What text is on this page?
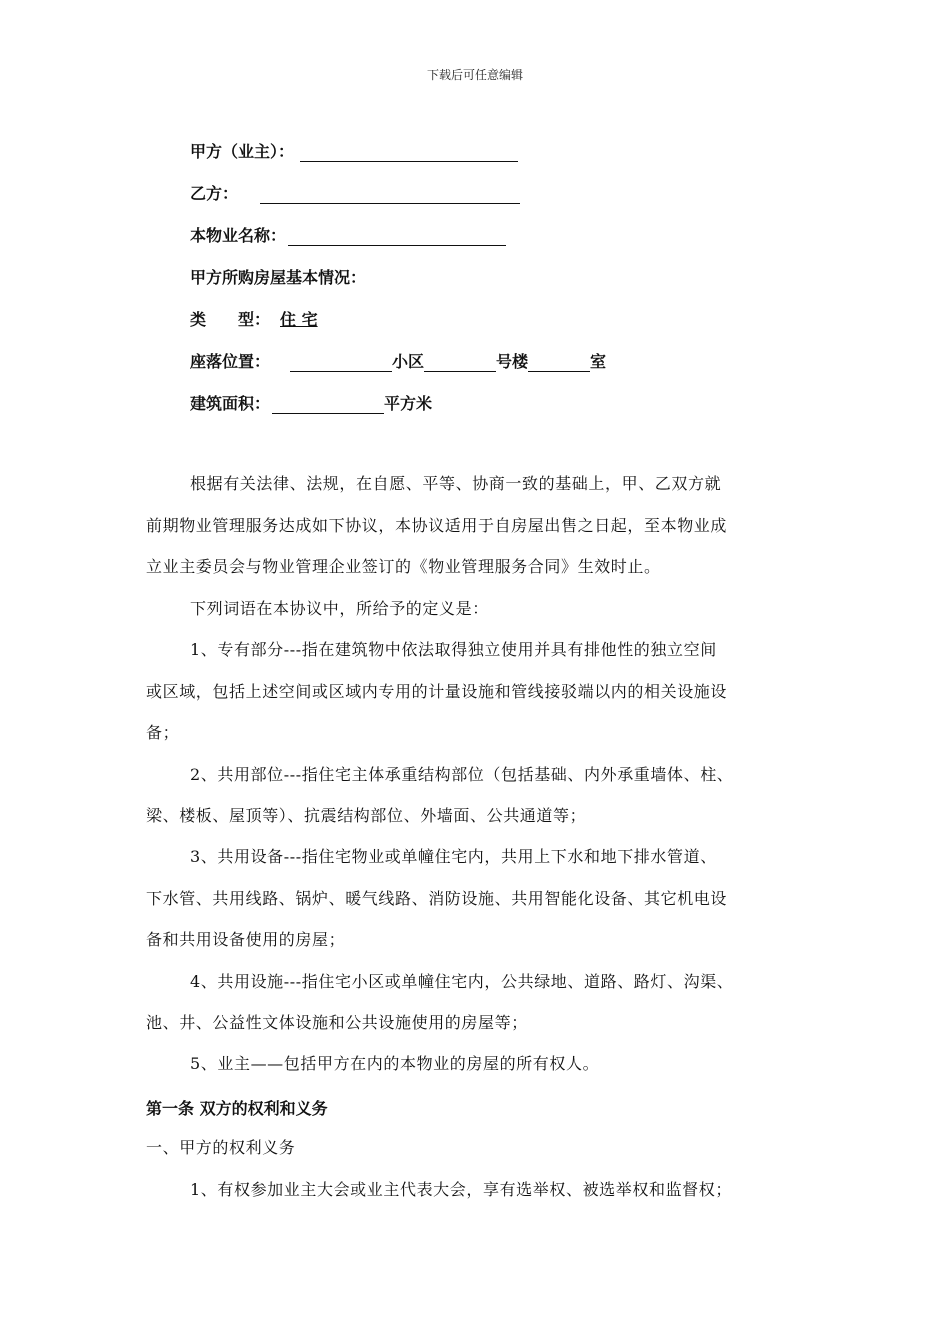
下载后可任意编辑
甲方（业主）：
乙方：
本物业名称：
甲方所购房屋基本情况：
类　　型： 住 宅
座落位置：	小区	号楼	室
建筑面积：	平方米
根据有关法律、法规，在自愿、平等、协商一致的基础上，甲、乙双方就
前期物业管理服务达成如下协议，本协议适用于自房屋出售之日起，至本物业成
立业主委员会与物业管理企业签订的《物业管理服务合同》生效时止。
下列词语在本协议中，所给予的定义是：
1、专有部分---指在建筑物中依法取得独立使用并具有排他性的独立空间
或区域，包括上述空间或区域内专用的计量设施和管线接驳端以内的相关设施设
备；
2、共用部位---指住宅主体承重结构部位（包括基础、内外承重墙体、柱、
梁、楼板、屋顶等）、抗震结构部位、外墙面、公共通道等；
3、共用设备---指住宅物业或单幢住宅内，共用上下水和地下排水管道、
下水管、共用线路、锅炉、暖气线路、消防设施、共用智能化设备、其它机电设
备和共用设备使用的房屋；
4、共用设施---指住宅小区或单幢住宅内，公共绿地、道路、路灯、沟渠、
池、井、公益性文体设施和公共设施使用的房屋等；
5、业主——包括甲方在内的本物业的房屋的所有权人。
第一条 双方的权利和义务
一、甲方的权利义务
1、有权参加业主大会或业主代表大会，享有选举权、被选举权和监督权；
